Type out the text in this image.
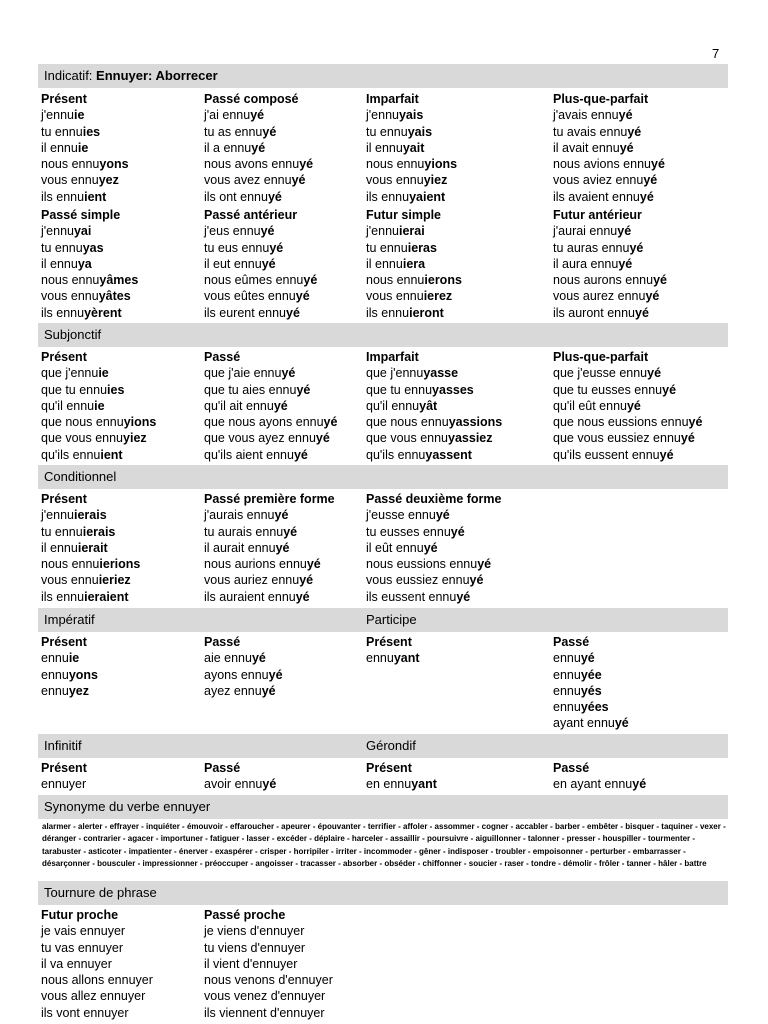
7
Indicatif: Ennuyer: Aborrecer
Présent
j'ennuie
tu ennuies
il ennuie
nous ennuyons
vous ennuyez
ils ennuient
Passé composé
j'ai ennuyé
tu as ennuyé
il a ennuyé
nous avons ennuyé
vous avez ennuyé
ils ont ennuyé
Imparfait
j'ennuyais
tu ennuyais
il ennuyait
nous ennuyions
vous ennuyiez
ils ennuyaient
Plus-que-parfait
j'avais ennuyé
tu avais ennuyé
il avait ennuyé
nous avions ennuyé
vous aviez ennuyé
ils avaient ennuyé
Passé simple
j'ennuyai
tu ennuyas
il ennuya
nous ennuyâmes
vous ennuyâtes
ils ennuyèrent
Passé antérieur
j'eus ennuyé
tu eus ennuyé
il eut ennuyé
nous eûmes ennuyé
vous eûtes ennuyé
ils eurent ennuyé
Futur simple
j'ennuierai
tu ennuieras
il ennuiera
nous ennuierons
vous ennuierez
ils ennuieront
Futur antérieur
j'aurai ennuyé
tu auras ennuyé
il aura ennuyé
nous aurons ennuyé
vous aurez ennuyé
ils auront ennuyé
Subjonctif
Présent
que j'ennuie
que tu ennuies
qu'il ennuie
que nous ennuyions
que vous ennuyiez
qu'ils ennuient
Passé
que j'aie ennuyé
que tu aies ennuyé
qu'il ait ennuyé
que nous ayons ennuyé
que vous ayez ennuyé
qu'ils aient ennuyé
Imparfait
que j'ennuyasse
que tu ennuyasses
qu'il ennuyât
que nous ennuyassions
que vous ennuyassiez
qu'ils ennuyassent
Plus-que-parfait
que j'eusse ennuyé
que tu eusses ennuyé
qu'il eût ennuyé
que nous eussions ennuyé
que vous eussiez ennuyé
qu'ils eussent ennuyé
Conditionnel
Présent
j'ennuierais
tu ennuierais
il ennuierait
nous ennuierions
vous ennuieriez
ils ennuieraient
Passé première forme
j'aurais ennuyé
tu aurais ennuyé
il aurait ennuyé
nous aurions ennuyé
vous auriez ennuyé
ils auraient ennuyé
Passé deuxième forme
j'eusse ennuyé
tu eusses ennuyé
il eût ennuyé
nous eussions ennuyé
vous eussiez ennuyé
ils eussent ennuyé
Impératif	Participe
Présent
ennuie
ennuyons
ennuyez
Passé
aie ennuyé
ayons ennuyé
ayez ennuyé
Présent
ennuyant
Passé
ennuyé
ennuyée
ennuyés
ennuyées
ayant ennuyé
Infinitif	Gérondif
Présent
ennuyer
Passé
avoir ennuyé
Présent
en ennuyant
Passé
en ayant ennuyé
Synonyme du verbe ennuyer
alarmer - alerter - effrayer - inquiéter - émouvoir - effaroucher - apeurer - épouvanter - terrifier - affoler - assommer - cogner - accabler - barber - embêter - bisquer - taquiner - vexer - déranger - contrarier - agacer - importuner - fatiguer - lasser - excéder - déplaire - harceler - assaillir - poursuivre - aiguillonner - talonner - presser - houspiller - tourmenter - tarabuster - asticoter - impatienter - énerver - exaspérer - crisper - horripiler - irriter - incommoder - gêner - indisposer - troubler - empoisonner - perturber - embarrasser - désarçonner - bousculer - impressionner - préoccuper - angoisser - tracasser - absorber - obséder - chiffonner - soucier - raser - tondre - démolir - frôler - tanner - hâler - battre
Tournure de phrase
Futur proche
je vais ennuyer
tu vas ennuyer
il va ennuyer
nous allons ennuyer
vous allez ennuyer
ils vont ennuyer
Passé proche
je viens d'ennuyer
tu viens d'ennuyer
il vient d'ennuyer
nous venons d'ennuyer
vous venez d'ennuyer
ils viennent d'ennuyer
